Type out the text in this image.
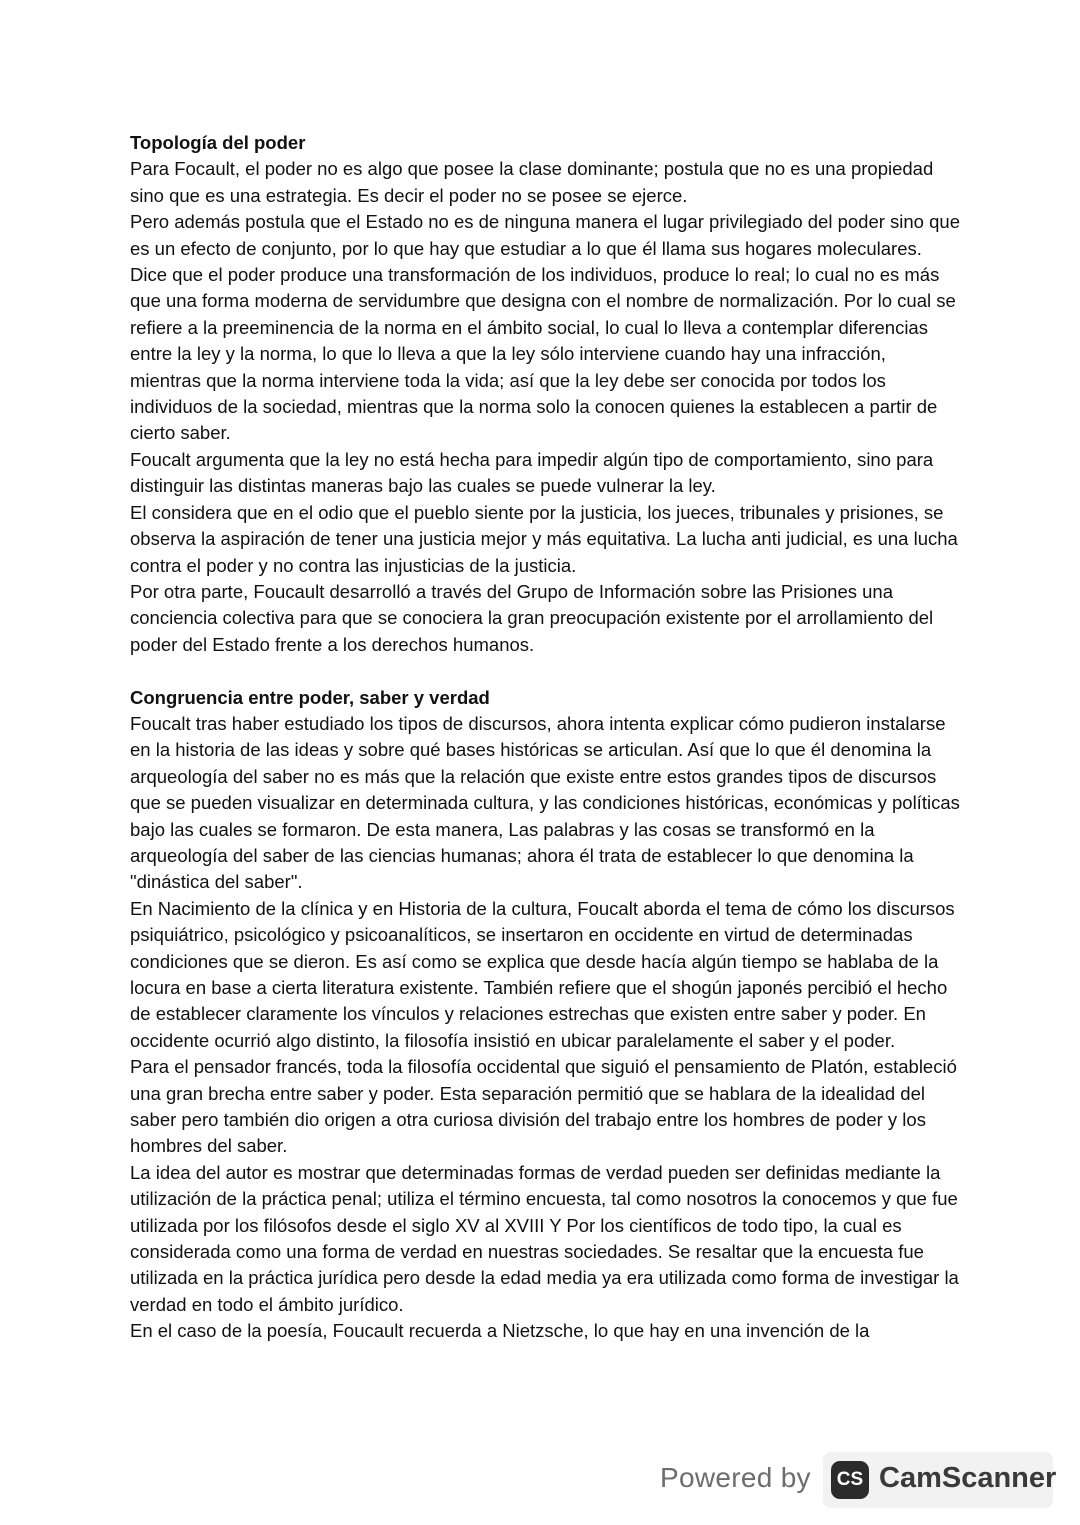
Topología del poder

Para Focault, el poder no es algo que posee la clase dominante; postula que no es una propiedad sino que es una estrategia. Es decir el poder no se posee se ejerce.

Pero además postula que el Estado no es de ninguna manera el lugar privilegiado del poder sino que es un efecto de conjunto, por lo que hay que estudiar a lo que él llama sus hogares moleculares.

Dice que el poder produce una transformación de los individuos, produce lo real; lo cual no es más que una forma moderna de servidumbre que designa con el nombre de normalización. Por lo cual se refiere a la preeminencia de la norma en el ámbito social, lo cual lo lleva a contemplar diferencias entre la ley y la norma, lo que lo lleva a que la ley sólo interviene cuando hay una infracción, mientras que la norma interviene toda la vida; así que la ley debe ser conocida por todos los individuos de la sociedad, mientras que la norma solo la conocen quienes la establecen a partir de cierto saber.

Foucalt argumenta que la ley no está hecha para impedir algún tipo de comportamiento, sino para distinguir las distintas maneras bajo las cuales se puede vulnerar la ley.

El considera que en el odio que el pueblo siente por la justicia, los jueces, tribunales y prisiones, se observa la aspiración de tener una justicia mejor y más equitativa. La lucha anti judicial, es una lucha contra el poder y no contra las injusticias de la justicia.

Por otra parte, Foucault desarrolló a través del Grupo de Información sobre las Prisiones una conciencia colectiva para que se conociera la gran preocupación existente por el arrollamiento del poder del Estado frente a los derechos humanos.

Congruencia entre poder, saber y verdad

Foucalt tras haber estudiado los tipos de discursos, ahora intenta explicar cómo pudieron instalarse en la historia de las ideas y sobre qué bases históricas se articulan. Así que lo que él denomina la arqueología del saber no es más que la relación que existe entre estos grandes tipos de discursos que se pueden visualizar en determinada cultura, y las condiciones históricas, económicas y políticas bajo las cuales se formaron. De esta manera, Las palabras y las cosas se transformó en la arqueología del saber de las ciencias humanas; ahora él trata de establecer lo que denomina la "dinástica del saber".

En Nacimiento de la clínica y en Historia de la cultura, Foucalt aborda el tema de cómo los discursos psiquiátrico, psicológico y psicoanalíticos, se insertaron en occidente en virtud de determinadas condiciones que se dieron. Es así como se explica que desde hacía algún tiempo se hablaba de la locura en base a cierta literatura existente. También refiere que el shogún japonés percibió el hecho de establecer claramente los vínculos y relaciones estrechas que existen entre saber y poder. En occidente ocurrió algo distinto, la filosofía insistió en ubicar paralelamente el saber y el poder.

Para el pensador francés, toda la filosofía occidental que siguió el pensamiento de Platón, estableció una gran brecha entre saber y poder. Esta separación permitió que se hablara de la idealidad del saber pero también dio origen a otra curiosa división del trabajo entre los hombres de poder y los hombres del saber.

La idea del autor es mostrar que determinadas formas de verdad pueden ser definidas mediante la utilización de la práctica penal; utiliza el término encuesta, tal como nosotros la conocemos y que fue utilizada por los filósofos desde el siglo XV al XVIII Y Por los científicos de todo tipo, la cual es considerada como una forma de verdad en nuestras sociedades. Se resaltar que la encuesta fue utilizada en la práctica jurídica pero desde la edad media ya era utilizada como forma de investigar la verdad en todo el ámbito jurídico.

En el caso de la poesía, Foucault recuerda a Nietzsche, lo que hay en una invención de la

Powered by	CS CamScanner
